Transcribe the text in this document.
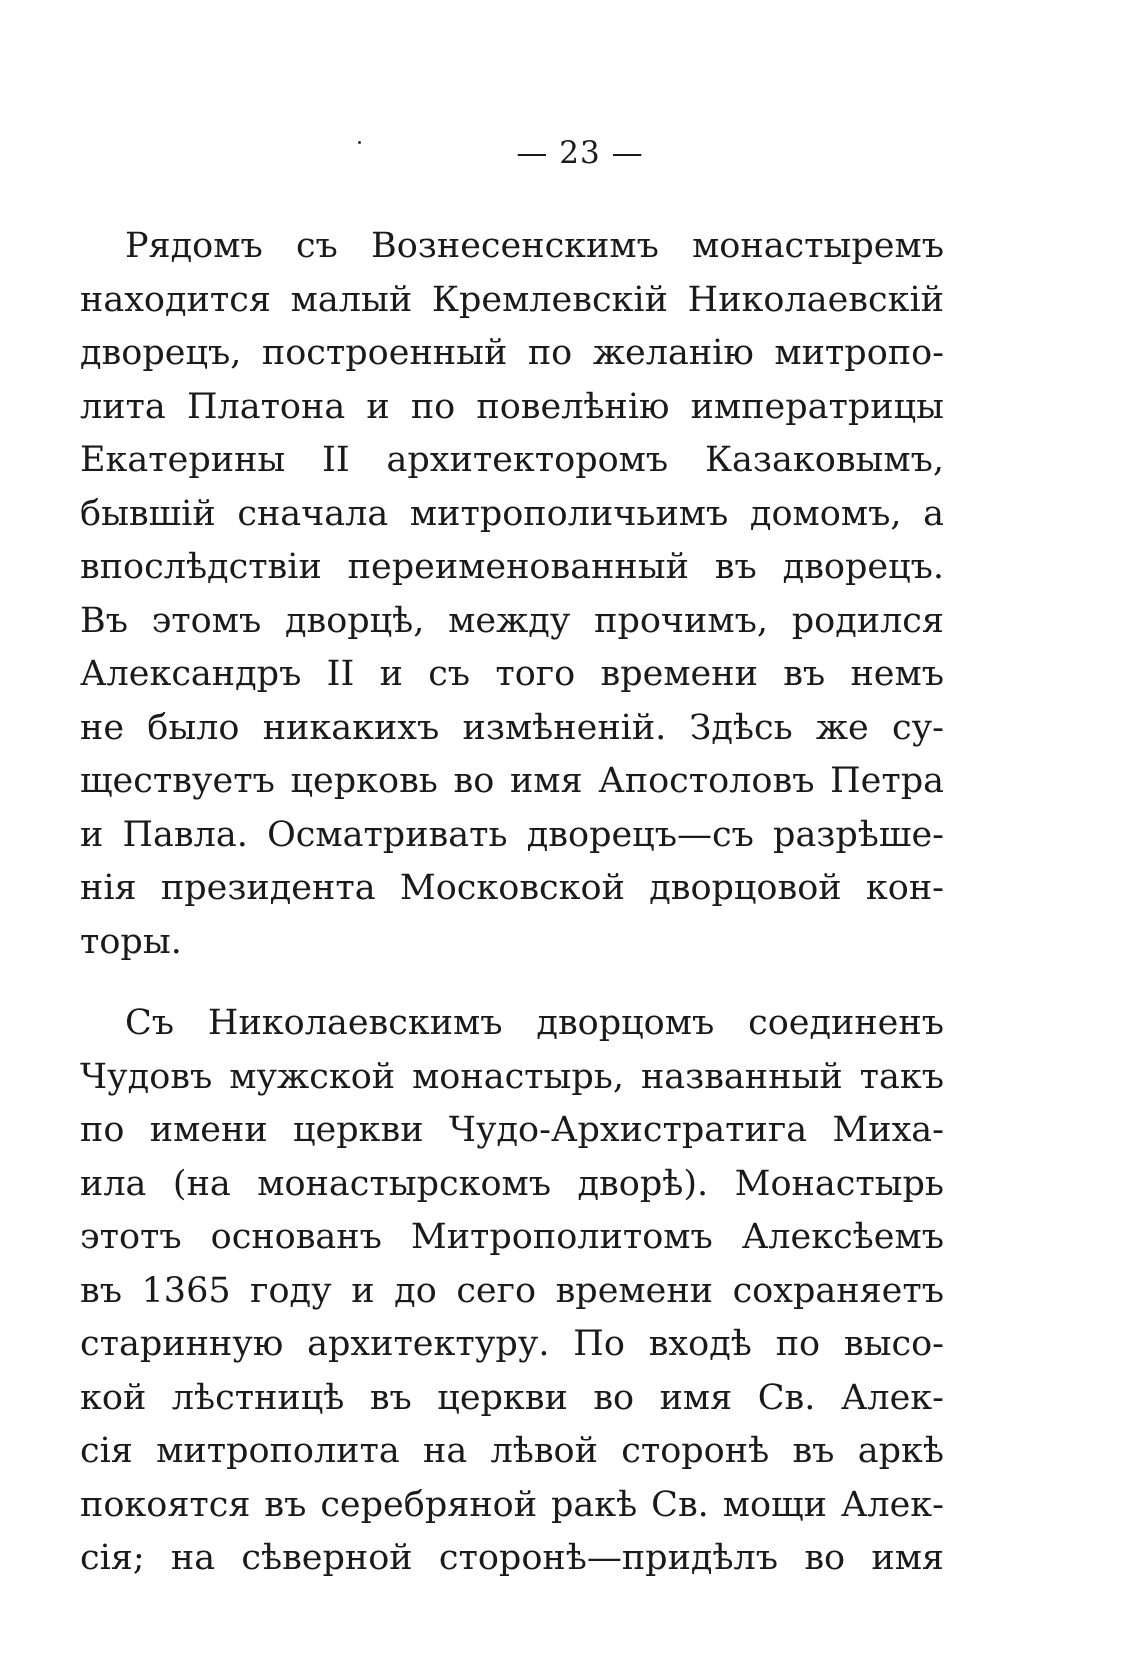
— 23 —
Рядомъ съ Вознесенскимъ монастыремъ
находится малый Кремлевскій Николаевскій
дворецъ, построенный по желанію митропо-
лита Платона и по повелѣнію императрицы
Екатерины II архитекторомъ Казаковымъ,
бывшій сначала митрополичьимъ домомъ, а
впослѣдствіи переименованный въ дворецъ.
Въ этомъ дворцѣ, между прочимъ, родился
Александръ II и съ того времени въ немъ
не было никакихъ измѣненій. Здѣсь же су-
ществуетъ церковь во имя Апостоловъ Петра
и Павла. Осматривать дворецъ—съ разрѣше-
нія президента Московской дворцовой кон-
торы.
Съ Николаевскимъ дворцомъ соединенъ
Чудовъ мужской монастырь, названный такъ
по имени церкви Чудо-Архистратига Миха-
ила (на монастырскомъ дворѣ). Монастырь
этотъ основанъ Митрополитомъ Алексѣемъ
въ 1365 году и до сего времени сохраняетъ
старинную архитектуру. По входѣ по высо-
кой лѣстницѣ въ церкви во имя Св. Алек-
сія митрополита на лѣвой сторонѣ въ аркѣ
покоятся въ серебряной ракѣ Св. мощи Алек-
сія; на сѣверной сторонѣ—придѣлъ во имя
